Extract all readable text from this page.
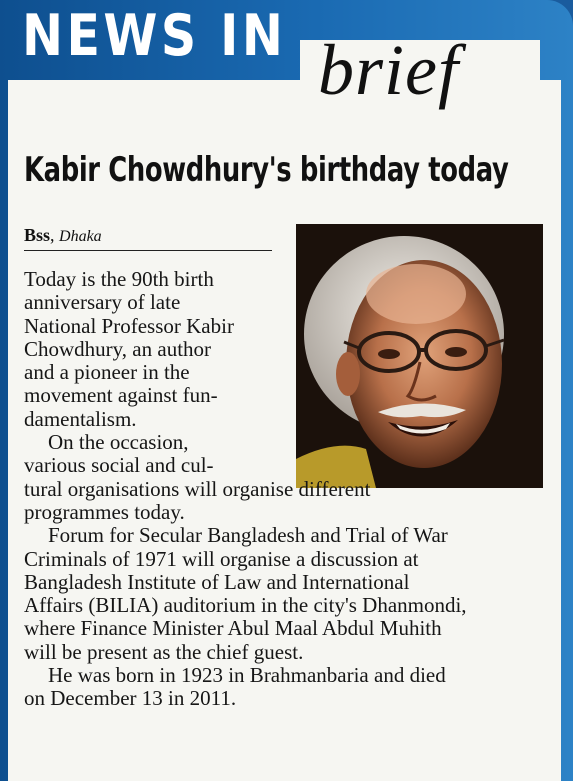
NEWS IN brief
Kabir Chowdhury's birthday today
Bss, Dhaka
Today is the 90th birth
anniversary of late
National Professor Kabir
Chowdhury, an author
and a pioneer in the
movement against fun-
damentalism.
On the occasion,
various social and cul-
tural organisations will organise different
programmes today.
Forum for Secular Bangladesh and Trial of War
Criminals of 1971 will organise a discussion at
Bangladesh Institute of Law and International
Affairs (BILIA) auditorium in the city's Dhanmondi,
where Finance Minister Abul Maal Abdul Muhith
will be present as the chief guest.
He was born in 1923 in Brahmanbaria and died
on December 13 in 2011.
